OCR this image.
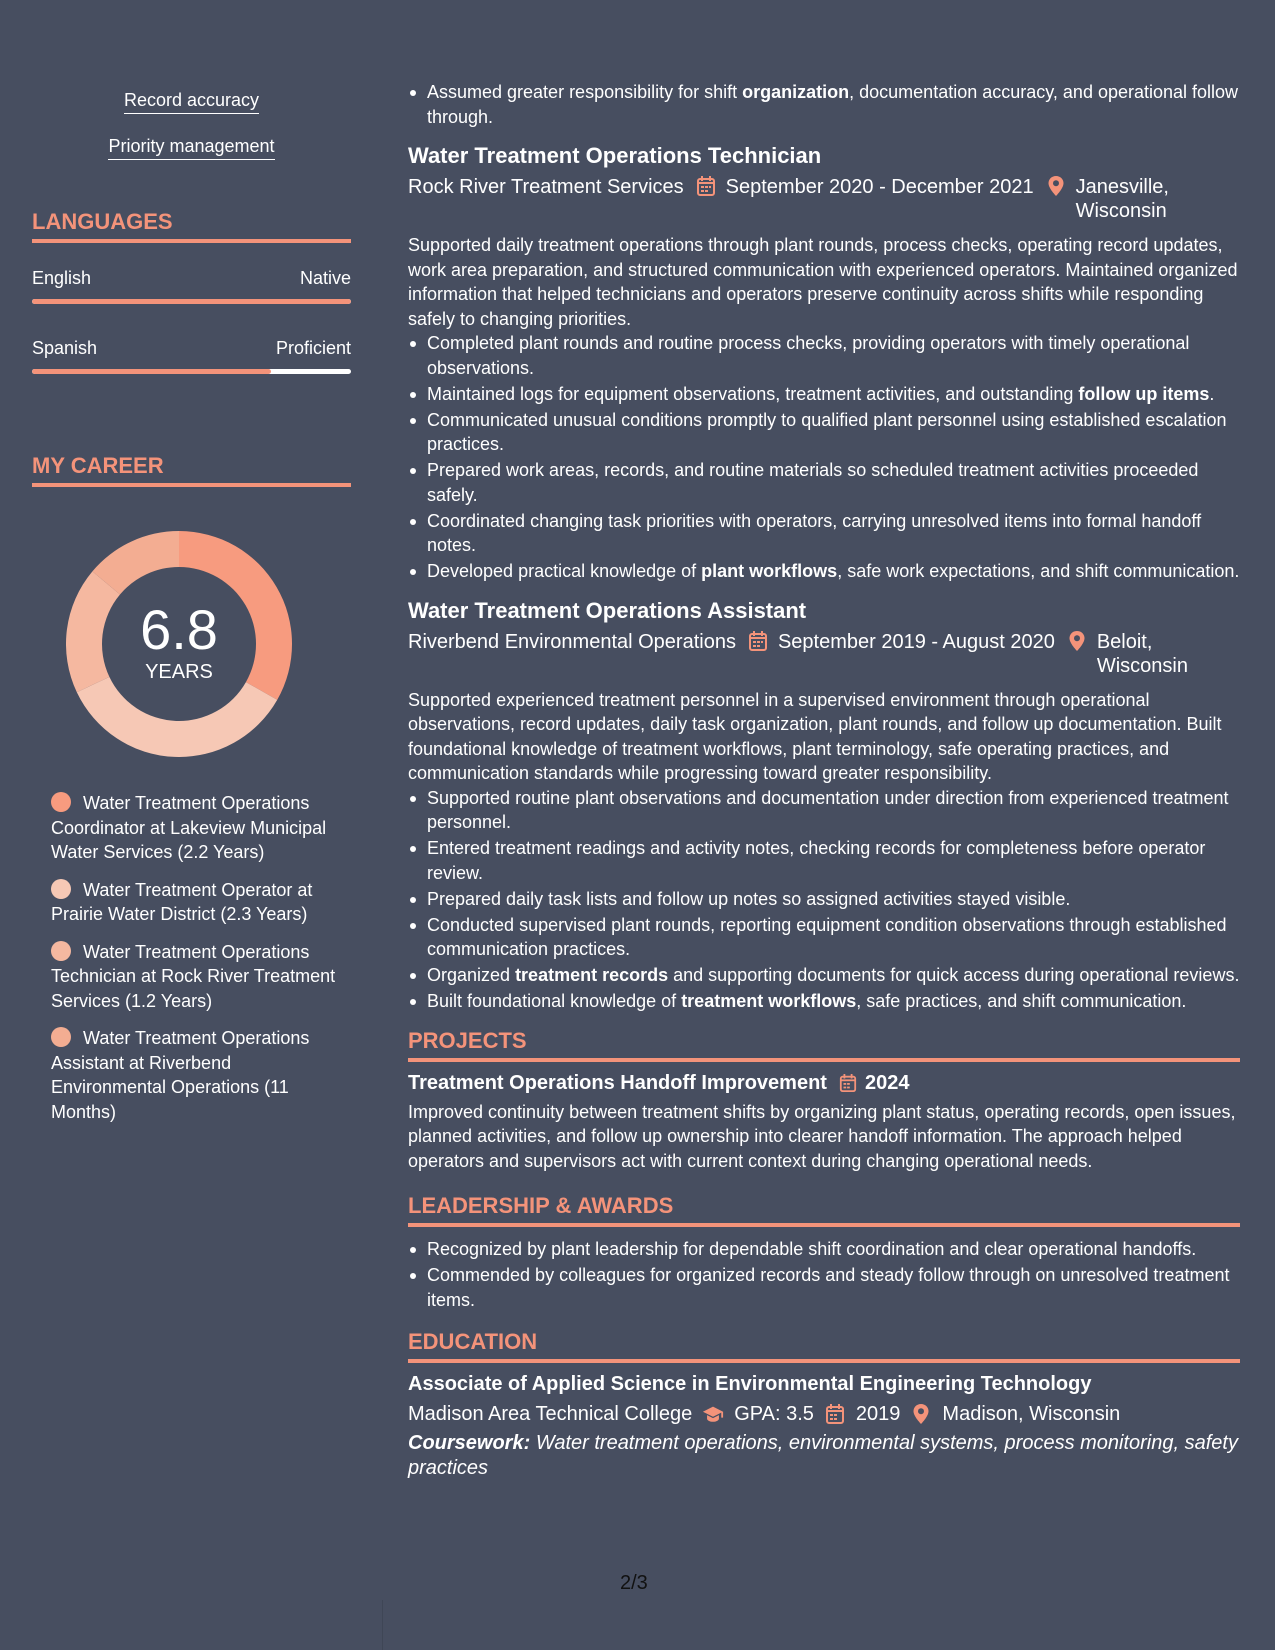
Record accuracy
Priority management
LANGUAGES
English	Native
Spanish	Proficient
MY CAREER
6.8
YEARS
Water Treatment Operations Coordinator at Lakeview Municipal Water Services (2.2 Years)
Water Treatment Operator at Prairie Water District (2.3 Years)
Water Treatment Operations Technician at Rock River Treatment Services (1.2 Years)
Water Treatment Operations Assistant at Riverbend Environmental Operations (11 Months)
Assumed greater responsibility for shift organization, documentation accuracy, and operational follow through.
Water Treatment Operations Technician
Rock River Treatment Services September 2020 - December 2021 Janesville, Wisconsin
Supported daily treatment operations through plant rounds, process checks, operating record updates, work area preparation, and structured communication with experienced operators. Maintained organized information that helped technicians and operators preserve continuity across shifts while responding safely to changing priorities.
Completed plant rounds and routine process checks, providing operators with timely operational observations.
Maintained logs for equipment observations, treatment activities, and outstanding follow up items.
Communicated unusual conditions promptly to qualified plant personnel using established escalation practices.
Prepared work areas, records, and routine materials so scheduled treatment activities proceeded safely.
Coordinated changing task priorities with operators, carrying unresolved items into formal handoff notes.
Developed practical knowledge of plant workflows, safe work expectations, and shift communication.
Water Treatment Operations Assistant
Riverbend Environmental Operations September 2019 - August 2020 Beloit, Wisconsin
Supported experienced treatment personnel in a supervised environment through operational observations, record updates, daily task organization, plant rounds, and follow up documentation. Built foundational knowledge of treatment workflows, plant terminology, safe operating practices, and communication standards while progressing toward greater responsibility.
Supported routine plant observations and documentation under direction from experienced treatment personnel.
Entered treatment readings and activity notes, checking records for completeness before operator review.
Prepared daily task lists and follow up notes so assigned activities stayed visible.
Conducted supervised plant rounds, reporting equipment condition observations through established communication practices.
Organized treatment records and supporting documents for quick access during operational reviews.
Built foundational knowledge of treatment workflows, safe practices, and shift communication.
PROJECTS
Treatment Operations Handoff Improvement 2024
Improved continuity between treatment shifts by organizing plant status, operating records, open issues, planned activities, and follow up ownership into clearer handoff information. The approach helped operators and supervisors act with current context during changing operational needs.
LEADERSHIP & AWARDS
Recognized by plant leadership for dependable shift coordination and clear operational handoffs.
Commended by colleagues for organized records and steady follow through on unresolved treatment items.
EDUCATION
Associate of Applied Science in Environmental Engineering Technology
Madison Area Technical College GPA: 3.5 2019 Madison, Wisconsin
Coursework: Water treatment operations, environmental systems, process monitoring, safety practices
2/3
